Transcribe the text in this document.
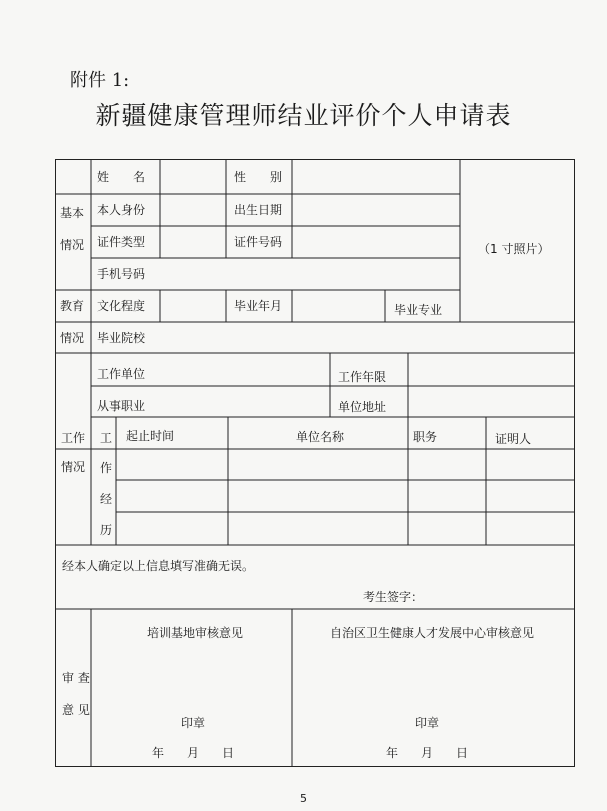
附件 1:
新疆健康管理师结业评价个人申请表
基本
情况
姓　　名	性　　别
本人身份	出生日期
证件类型	证件号码
手机号码
（1 寸照片）
教育
情况
文化程度	毕业年月	毕业专业
毕业院校
工作
情况
工作单位	工作年限
从事职业	单位地址
工
作
经
历
起止时间	单位名称	职务	证明人
经本人确定以上信息填写准确无误。
考生签字：
审 查
意 见
培训基地审核意见	自治区卫生健康人才发展中心审核意见
印章	印章
年 月 日	年 月 日
5
